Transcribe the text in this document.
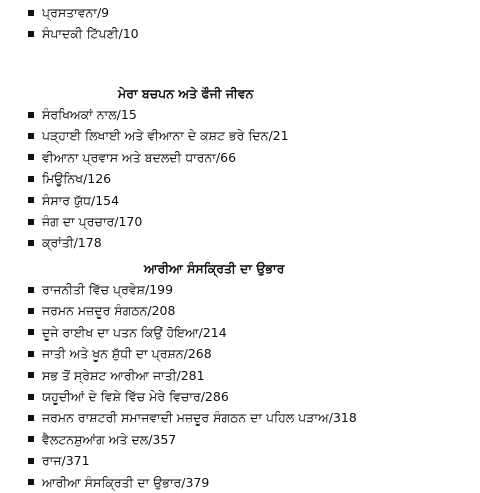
ਪ੍ਰਸਤਾਵਨਾ / 9
ਸੰਪਾਦਕੀ ਟਿੱਪਣੀ / 10
ਮੇਰਾ ਬਚਪਨ ਅਤੇ ਫੌਜੀ ਜੀਵਨ
ਸੰਰਖਿਅਕਾਂ ਨਾਲ / 15
ਪੜ੍ਹਾਈ ਲਿਖਾਈ ਅਤੇ ਵੀਆਨਾ ਦੇ ਕਸ਼ਟ ਭਰੇ ਦਿਨ / 21
ਵੀਆਨਾ ਪ੍ਰਵਾਸ ਅਤੇ ਬਦਲਦੀ ਧਾਰਨਾ / 66
ਮਿਊਨਿਖ / 126
ਸੰਸਾਰ ਯੁੱਧ / 154
ਜੰਗ ਦਾ ਪ੍ਰਚਾਰ / 170
ਕ੍ਰਾਂਤੀ / 178
ਆਰੀਆ ਸੰਸਕ੍ਰਿਤੀ ਦਾ ਉਭਾਰ
ਰਾਜਨੀਤੀ ਵਿੱਚ ਪ੍ਰਵੇਸ਼ / 199
ਜਰਮਨ ਮਜ਼ਦੂਰ ਸੰਗਠਨ / 208
ਦੂਜੇ ਰਾਈਖ ਦਾ ਪਤਨ ਕਿਉਂ ਹੋਇਆ / 214
ਜਾਤੀ ਅਤੇ ਖੂਨ ਸ਼ੁੱਧੀ ਦਾ ਪ੍ਰਸ਼ਨ / 268
ਸਭ ਤੋਂ ਸ੍ਰੇਸ਼ਟ ਆਰੀਆ ਜਾਤੀ / 281
ਯਹੂਦੀਆਂ ਦੇ ਵਿਸ਼ੇ ਵਿੱਚ ਮੇਰੇ ਵਿਚਾਰ / 286
ਜਰਮਨ ਰਾਸ਼ਟਰੀ ਸਮਾਜਵਾਦੀ ਮਜ਼ਦੂਰ ਸੰਗਠਨ ਦਾ ਪਹਿਲ ਪੜਾਅ / 318
ਵੈਲਟਨਸ਼ੁਆਂਗ ਅਤੇ ਦਲ / 357
ਰਾਜ / 371
ਆਰੀਆ ਸੰਸਕ੍ਰਿਤੀ ਦਾ ਉਭਾਰ / 379
